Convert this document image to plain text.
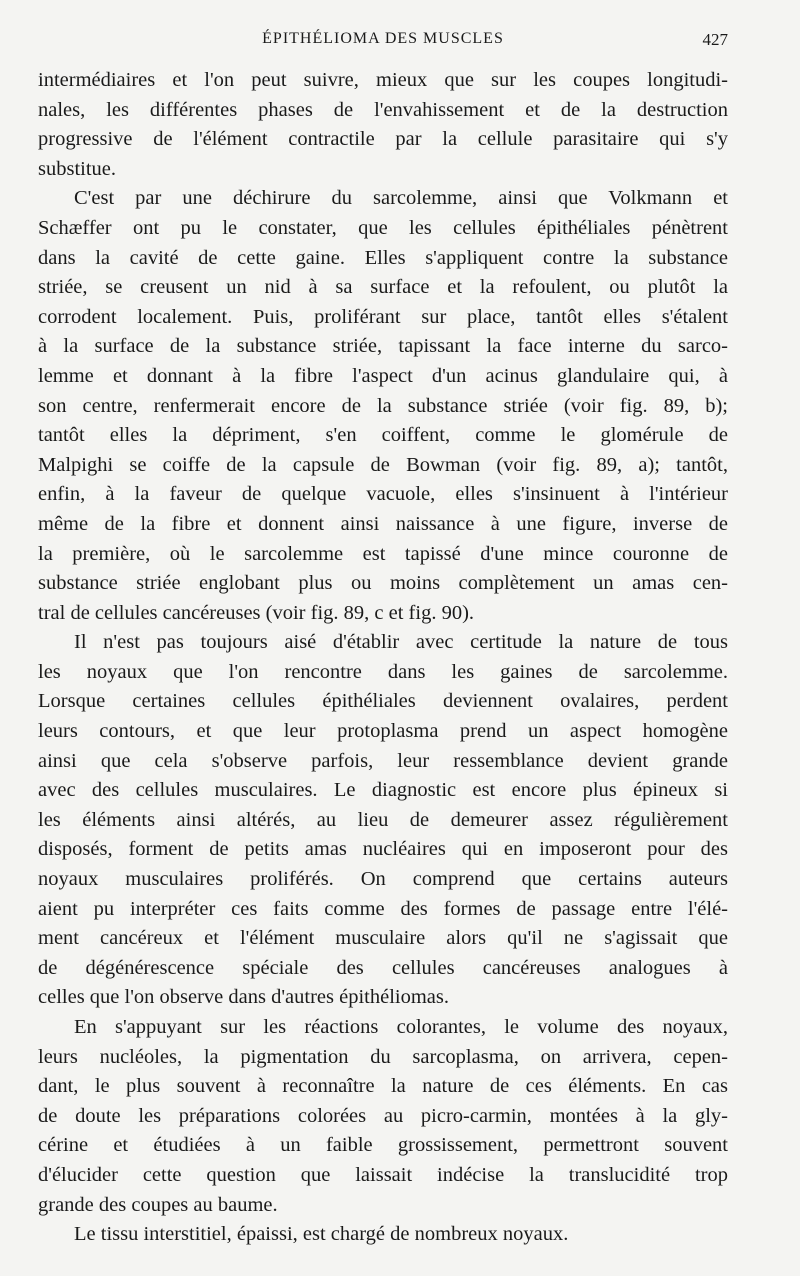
ÉPITHÉLIOMA DES MUSCLES	427
intermédiaires et l'on peut suivre, mieux que sur les coupes longitudi-
nales, les différentes phases de l'envahissement et de la destruction
progressive de l'élément contractile par la cellule parasitaire qui s'y
substitue.
C'est par une déchirure du sarcolemme, ainsi que Volkmann et
Schæffer ont pu le constater, que les cellules épithéliales pénètrent
dans la cavité de cette gaine. Elles s'appliquent contre la substance
striée, se creusent un nid à sa surface et la refoulent, ou plutôt la
corrodent localement. Puis, proliférant sur place, tantôt elles s'étalent
à la surface de la substance striée, tapissant la face interne du sarco-
lemme et donnant à la fibre l'aspect d'un acinus glandulaire qui, à
son centre, renfermerait encore de la substance striée (voir fig. 89, b);
tantôt elles la dépriment, s'en coiffent, comme le glomérule de
Malpighi se coiffe de la capsule de Bowman (voir fig. 89, a); tantôt,
enfin, à la faveur de quelque vacuole, elles s'insinuent à l'intérieur
même de la fibre et donnent ainsi naissance à une figure, inverse de
la première, où le sarcolemme est tapissé d'une mince couronne de
substance striée englobant plus ou moins complètement un amas cen-
tral de cellules cancéreuses (voir fig. 89, c et fig. 90).
Il n'est pas toujours aisé d'établir avec certitude la nature de tous
les noyaux que l'on rencontre dans les gaines de sarcolemme.
Lorsque certaines cellules épithéliales deviennent ovalaires, perdent
leurs contours, et que leur protoplasma prend un aspect homogène
ainsi que cela s'observe parfois, leur ressemblance devient grande
avec des cellules musculaires. Le diagnostic est encore plus épineux si
les éléments ainsi altérés, au lieu de demeurer assez régulièrement
disposés, forment de petits amas nucléaires qui en imposeront pour des
noyaux musculaires proliférés. On comprend que certains auteurs
aient pu interpréter ces faits comme des formes de passage entre l'élé-
ment cancéreux et l'élément musculaire alors qu'il ne s'agissait que
de dégénérescence spéciale des cellules cancéreuses analogues à
celles que l'on observe dans d'autres épithéliomas.
En s'appuyant sur les réactions colorantes, le volume des noyaux,
leurs nucléoles, la pigmentation du sarcoplasma, on arrivera, cepen-
dant, le plus souvent à reconnaître la nature de ces éléments. En cas
de doute les préparations colorées au picro-carmin, montées à la gly-
cérine et étudiées à un faible grossissement, permettront souvent
d'élucider cette question que laissait indécise la translucidité trop
grande des coupes au baume.
Le tissu interstitiel, épaissi, est chargé de nombreux noyaux.
